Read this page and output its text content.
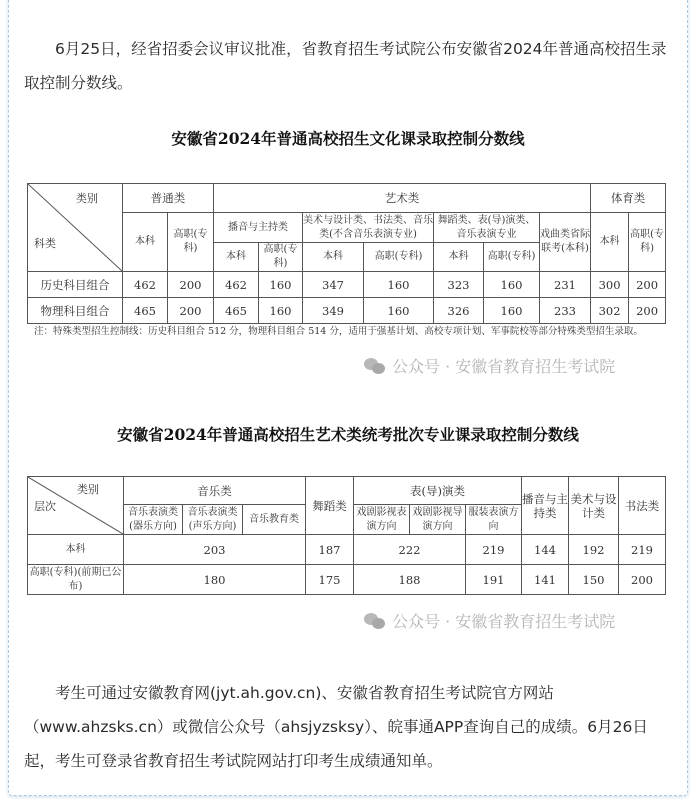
6月25日，经省招委会议审议批准，省教育招生考试院公布安徽省2024年普通高校招生录取控制分数线。

安徽省2024年普通高校招生文化课录取控制分数线
类别
科类	普通类		艺术类							体育类	
	本科	高职(专科)	播音与主持类		美术与设计类、书法类、音乐类(不含音乐表演专业)		舞蹈类、表(导)演类、音乐表演专业		戏曲类省际联考(本科)	本科	高职(专科)
			本科	高职(专科)	本科	高职(专科)	本科	高职(专科)			
历史科目组合	462	200	462	160	347	160	323	160	231	300	200
物理科目组合	465	200	465	160	349	160	326	160	233	302	200
注：特殊类型招生控制线：历史科目组合 512 分，物理科目组合 514 分，适用于强基计划、高校专项计划、军事院校等部分特殊类型招生录取。
公众号 · 安徽省教育招生考试院
安徽省2024年普通高校招生艺术类统考批次专业课录取控制分数线
类别
层次	音乐类			舞蹈类	表(导)演类			播音与主持类	美术与设计类	书法类
	音乐表演类(器乐方向)	音乐表演类(声乐方向)	音乐教育类		戏剧影视表演方向	戏剧影视导演方向	服装表演方向			
本科	203			187	222		219	144	192	219
高职(专科)(前期已公布)	180			175	188		191	141	150	200
公众号 · 安徽省教育招生考试院

考生可通过安徽教育网(jyt.ah.gov.cn)、安徽省教育招生考试院官方网站（www.ahzsks.cn）或微信公众号（ahsjyzsksy）、皖事通APP查询自己的成绩。6月26日起，考生可登录省教育招生考试院网站打印考生成绩通知单。
